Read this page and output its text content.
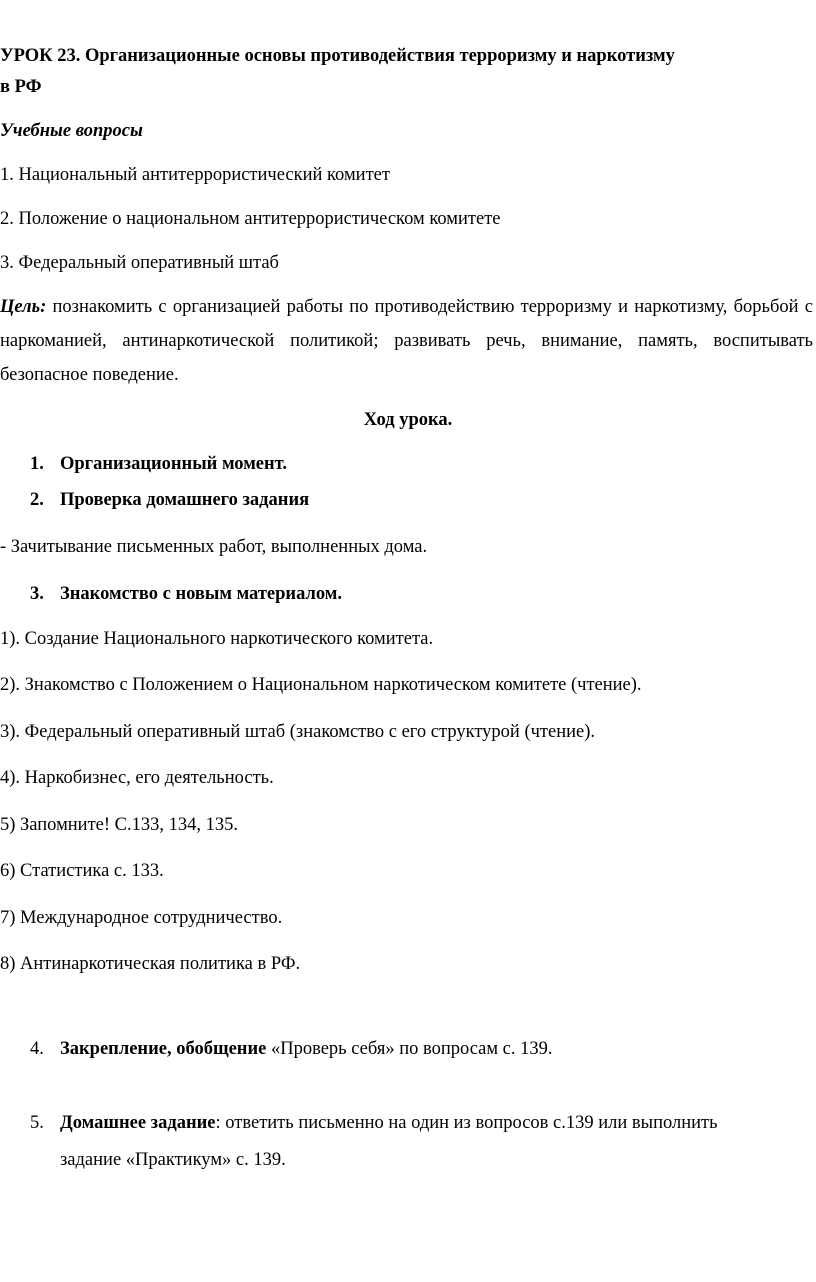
УРОК 23. Организационные основы противодействия терроризму и наркотизму
в РФ
Учебные вопросы
1. Национальный антитеррористический комитет
2. Положение о национальном антитеррористическом комитете
3. Федеральный оперативный штаб
Цель: познакомить с организацией работы по противодействию терроризму и наркотизму, борьбой с наркоманией, антинаркотической политикой; развивать речь, внимание, память, воспитывать безопасное поведение.
Ход урока.
1. Организационный момент.
2. Проверка домашнего задания
- Зачитывание письменных работ, выполненных дома.
3. Знакомство с новым материалом.
1). Создание Национального наркотического комитета.
2). Знакомство с Положением о Национальном наркотическом комитете (чтение).
3). Федеральный оперативный штаб (знакомство с его структурой (чтение).
4). Наркобизнес, его деятельность.
5) Запомните! С.133, 134, 135.
6) Статистика с. 133.
7) Международное сотрудничество.
8) Антинаркотическая политика в РФ.
4. Закрепление, обобщение «Проверь себя» по вопросам с. 139.
5. Домашнее задание: ответить письменно на один из вопросов с.139 или выполнить
задание «Практикум» с. 139.
